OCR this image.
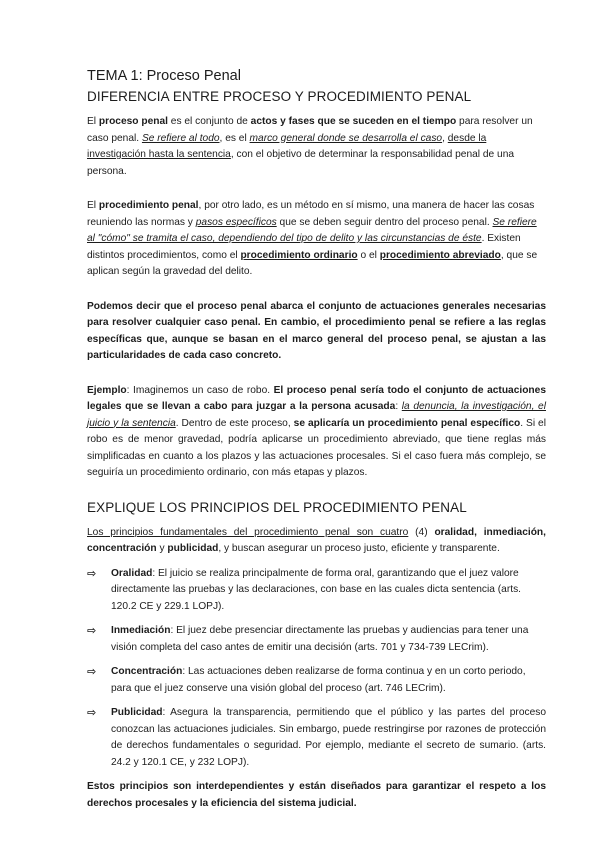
TEMA 1: Proceso Penal
DIFERENCIA ENTRE PROCESO Y PROCEDIMIENTO PENAL

El proceso penal es el conjunto de actos y fases que se suceden en el tiempo para resolver un caso penal. Se refiere al todo, es el marco general donde se desarrolla el caso, desde la investigación hasta la sentencia, con el objetivo de determinar la responsabilidad penal de una persona.

El procedimiento penal, por otro lado, es un método en sí mismo, una manera de hacer las cosas reuniendo las normas y pasos específicos que se deben seguir dentro del proceso penal. Se refiere al "cómo" se tramita el caso, dependiendo del tipo de delito y las circunstancias de éste. Existen distintos procedimientos, como el procedimiento ordinario o el procedimiento abreviado, que se aplican según la gravedad del delito.

Podemos decir que el proceso penal abarca el conjunto de actuaciones generales necesarias para resolver cualquier caso penal. En cambio, el procedimiento penal se refiere a las reglas específicas que, aunque se basan en el marco general del proceso penal, se ajustan a las particularidades de cada caso concreto.

Ejemplo: Imaginemos un caso de robo. El proceso penal sería todo el conjunto de actuaciones legales que se llevan a cabo para juzgar a la persona acusada: la denuncia, la investigación, el juicio y la sentencia. Dentro de este proceso, se aplicaría un procedimiento penal específico. Si el robo es de menor gravedad, podría aplicarse un procedimiento abreviado, que tiene reglas más simplificadas en cuanto a los plazos y las actuaciones procesales. Si el caso fuera más complejo, se seguiría un procedimiento ordinario, con más etapas y plazos.

EXPLIQUE LOS PRINCIPIOS DEL PROCEDIMIENTO PENAL

Los principios fundamentales del procedimiento penal son cuatro (4) oralidad, inmediación, concentración y publicidad, y buscan asegurar un proceso justo, eficiente y transparente.

⇨ Oralidad: El juicio se realiza principalmente de forma oral, garantizando que el juez valore directamente las pruebas y las declaraciones, con base en las cuales dicta sentencia (arts. 120.2 CE y 229.1 LOPJ).
⇨ Inmediación: El juez debe presenciar directamente las pruebas y audiencias para tener una visión completa del caso antes de emitir una decisión (arts. 701 y 734-739 LECrim).
⇨ Concentración: Las actuaciones deben realizarse de forma continua y en un corto periodo, para que el juez conserve una visión global del proceso (art. 746 LECrim).
⇨ Publicidad: Asegura la transparencia, permitiendo que el público y las partes del proceso conozcan las actuaciones judiciales. Sin embargo, puede restringirse por razones de protección de derechos fundamentales o seguridad. Por ejemplo, mediante el secreto de sumario. (arts. 24.2 y 120.1 CE, y 232 LOPJ).

Estos principios son interdependientes y están diseñados para garantizar el respeto a los derechos procesales y la eficiencia del sistema judicial.
